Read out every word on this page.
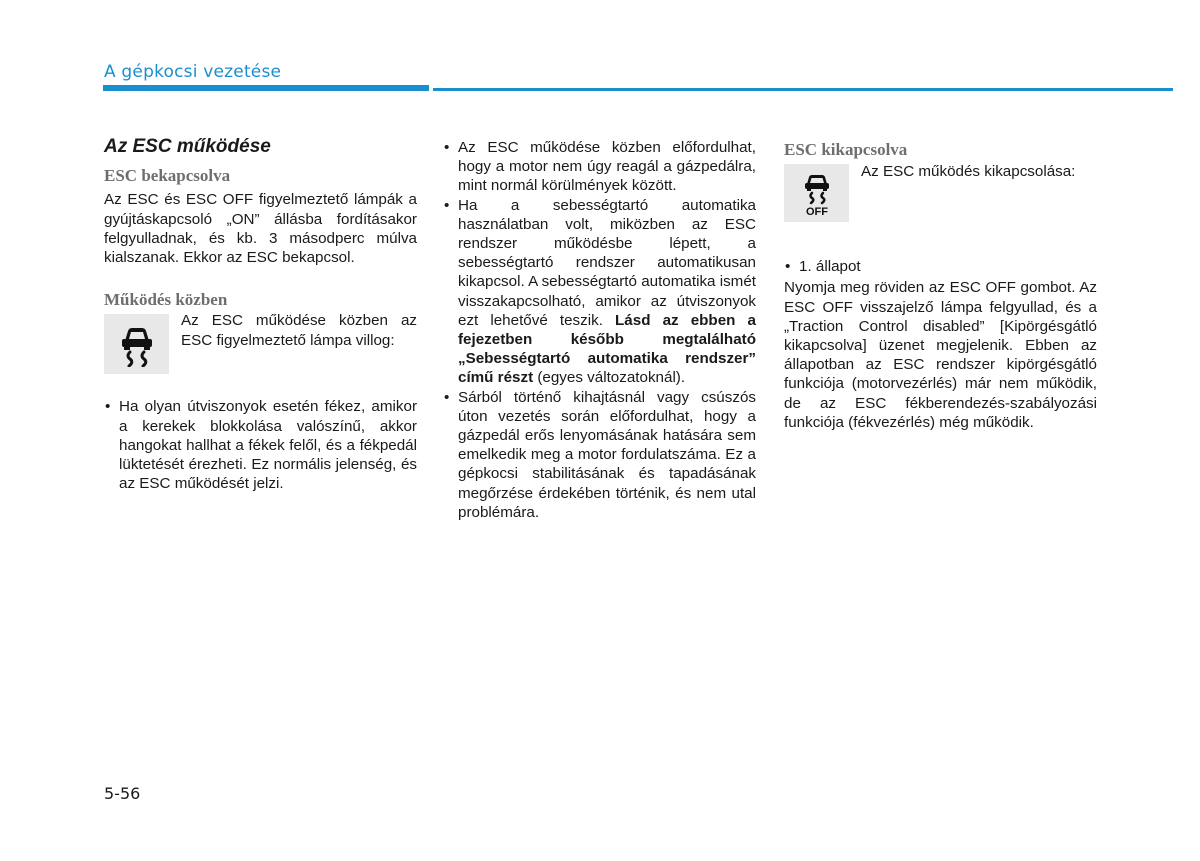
A gépkocsi vezetése
Az ESC működése
ESC bekapcsolva

Az ESC és ESC OFF figyelmeztető lámpák a gyújtáskapcsoló „ON” állásba fordításakor felgyulladnak, és kb. 3 másodperc múlva kialszanak. Ekkor az ESC bekapcsol.

Működés közben

Az ESC működése közben az ESC figyelmeztető lámpa villog:

• Ha olyan útviszonyok esetén fékez, amikor a kerekek blokkolása valószínű, akkor hangokat hallhat a fékek felől, és a fékpedál lüktetését érezheti. Ez normális jelenség, és az ESC működését jelzi.
• Az ESC működése közben előfordulhat, hogy a motor nem úgy reagál a gázpedálra, mint normál körülmények között.
• Ha a sebességtartó automatika használatban volt, miközben az ESC rendszer működésbe lépett, a sebességtartó rendszer automatikusan kikapcsol. A sebességtartó automatika ismét visszakapcsolható, amikor az útviszonyok ezt lehetővé teszik. Lásd az ebben a fejezetben később megtalálható „Sebességtartó automatika rendszer” című részt (egyes változatoknál).
• Sárból történő kihajtásnál vagy csúszós úton vezetés során előfordulhat, hogy a gázpedál erős lenyomásának hatására sem emelkedik meg a motor fordulatszáma. Ez a gépkocsi stabilitásának és tapadásának megőrzése érdekében történik, és nem utal problémára.
ESC kikapcsolva
OFF

Az ESC működés kikapcsolása:

• 1. állapot

Nyomja meg röviden az ESC OFF gombot. Az ESC OFF visszajelző lámpa felgyullad, és a „Traction Control disabled” [Kipörgésgátló kikapcsolva] üzenet megjelenik. Ebben az állapotban az ESC rendszer kipörgésgátló funkciója (motorvezérlés) már nem működik, de az ESC fékberendezés-szabályozási funkciója (fékvezérlés) még működik.

5-56
